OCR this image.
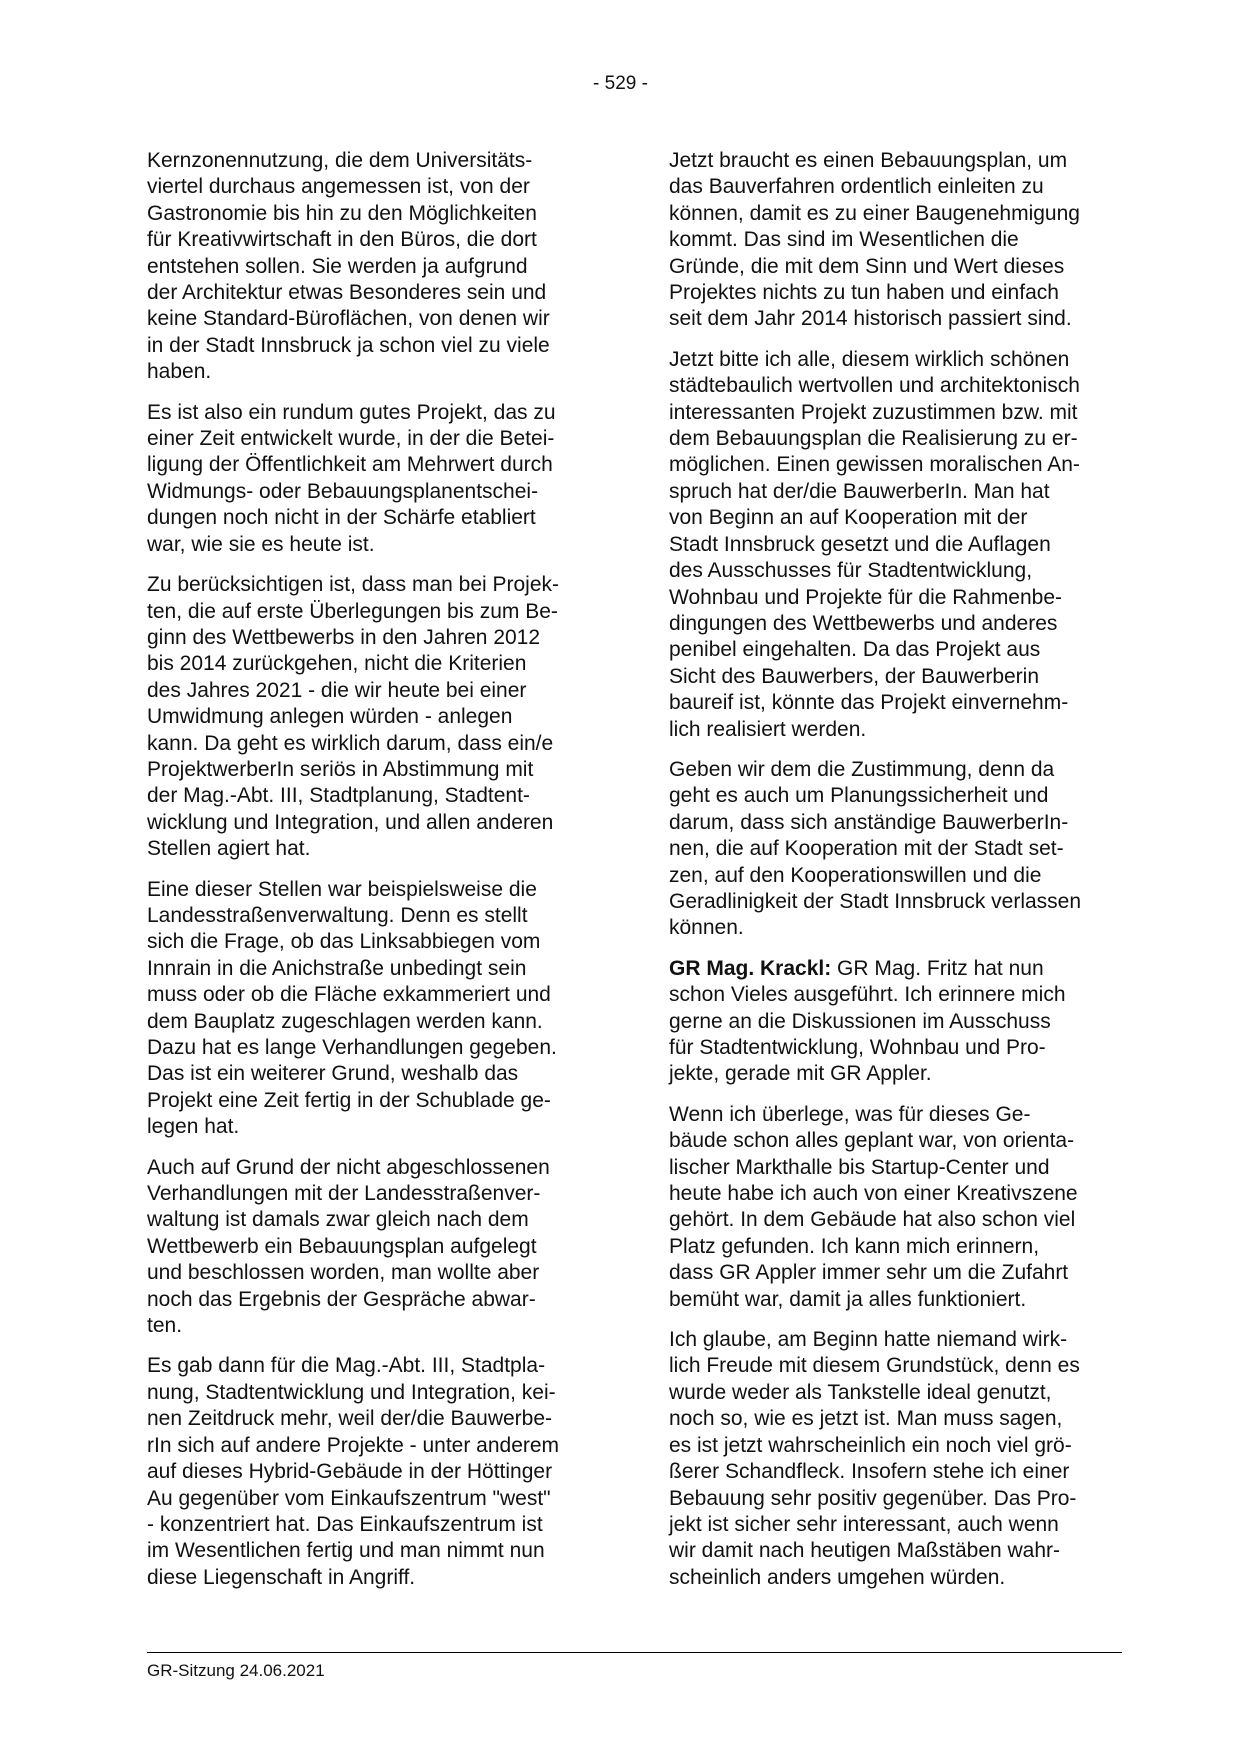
- 529 -

Kernzonennutzung, die dem Universitäts-
viertel durchaus angemessen ist, von der
Gastronomie bis hin zu den Möglichkeiten
für Kreativwirtschaft in den Büros, die dort
entstehen sollen. Sie werden ja aufgrund
der Architektur etwas Besonderes sein und
keine Standard-Büroflächen, von denen wir
in der Stadt Innsbruck ja schon viel zu viele
haben.

Es ist also ein rundum gutes Projekt, das zu
einer Zeit entwickelt wurde, in der die Betei-
ligung der Öffentlichkeit am Mehrwert durch
Widmungs- oder Bebauungsplanentschei-
dungen noch nicht in der Schärfe etabliert
war, wie sie es heute ist.

Zu berücksichtigen ist, dass man bei Projek-
ten, die auf erste Überlegungen bis zum Be-
ginn des Wettbewerbs in den Jahren 2012
bis 2014 zurückgehen, nicht die Kriterien
des Jahres 2021 - die wir heute bei einer
Umwidmung anlegen würden - anlegen
kann. Da geht es wirklich darum, dass ein/e
ProjektwerberIn seriös in Abstimmung mit
der Mag.-Abt. III, Stadtplanung, Stadtent-
wicklung und Integration, und allen anderen
Stellen agiert hat.

Eine dieser Stellen war beispielsweise die
Landesstraßenverwaltung. Denn es stellt
sich die Frage, ob das Linksabbiegen vom
Innrain in die Anichstraße unbedingt sein
muss oder ob die Fläche exkammeriert und
dem Bauplatz zugeschlagen werden kann.
Dazu hat es lange Verhandlungen gegeben.
Das ist ein weiterer Grund, weshalb das
Projekt eine Zeit fertig in der Schublade ge-
legen hat.

Auch auf Grund der nicht abgeschlossenen
Verhandlungen mit der Landesstraßenver-
waltung ist damals zwar gleich nach dem
Wettbewerb ein Bebauungsplan aufgelegt
und beschlossen worden, man wollte aber
noch das Ergebnis der Gespräche abwar-
ten.

Es gab dann für die Mag.-Abt. III, Stadtpla-
nung, Stadtentwicklung und Integration, kei-
nen Zeitdruck mehr, weil der/die Bauwerbe-
rIn sich auf andere Projekte - unter anderem
auf dieses Hybrid-Gebäude in der Höttinger
Au gegenüber vom Einkaufszentrum "west"
- konzentriert hat. Das Einkaufszentrum ist
im Wesentlichen fertig und man nimmt nun
diese Liegenschaft in Angriff.

Jetzt braucht es einen Bebauungsplan, um
das Bauverfahren ordentlich einleiten zu
können, damit es zu einer Baugenehmigung
kommt. Das sind im Wesentlichen die
Gründe, die mit dem Sinn und Wert dieses
Projektes nichts zu tun haben und einfach
seit dem Jahr 2014 historisch passiert sind.

Jetzt bitte ich alle, diesem wirklich schönen
städtebaulich wertvollen und architektonisch
interessanten Projekt zuzustimmen bzw. mit
dem Bebauungsplan die Realisierung zu er-
möglichen. Einen gewissen moralischen An-
spruch hat der/die BauwerberIn. Man hat
von Beginn an auf Kooperation mit der
Stadt Innsbruck gesetzt und die Auflagen
des Ausschusses für Stadtentwicklung,
Wohnbau und Projekte für die Rahmenbe-
dingungen des Wettbewerbs und anderes
penibel eingehalten. Da das Projekt aus
Sicht des Bauwerbers, der Bauwerberin
baureif ist, könnte das Projekt einvernehm-
lich realisiert werden.

Geben wir dem die Zustimmung, denn da
geht es auch um Planungssicherheit und
darum, dass sich anständige BauwerberIn-
nen, die auf Kooperation mit der Stadt set-
zen, auf den Kooperationswillen und die
Geradlinigkeit der Stadt Innsbruck verlassen
können.

GR Mag. Krackl: GR Mag. Fritz hat nun
schon Vieles ausgeführt. Ich erinnere mich
gerne an die Diskussionen im Ausschuss
für Stadtentwicklung, Wohnbau und Pro-
jekte, gerade mit GR Appler.

Wenn ich überlege, was für dieses Ge-
bäude schon alles geplant war, von orienta-
lischer Markthalle bis Startup-Center und
heute habe ich auch von einer Kreativszene
gehört. In dem Gebäude hat also schon viel
Platz gefunden. Ich kann mich erinnern,
dass GR Appler immer sehr um die Zufahrt
bemüht war, damit ja alles funktioniert.

Ich glaube, am Beginn hatte niemand wirk-
lich Freude mit diesem Grundstück, denn es
wurde weder als Tankstelle ideal genutzt,
noch so, wie es jetzt ist. Man muss sagen,
es ist jetzt wahrscheinlich ein noch viel grö-
ßerer Schandfleck. Insofern stehe ich einer
Bebauung sehr positiv gegenüber. Das Pro-
jekt ist sicher sehr interessant, auch wenn
wir damit nach heutigen Maßstäben wahr-
scheinlich anders umgehen würden.

GR-Sitzung 24.06.2021
